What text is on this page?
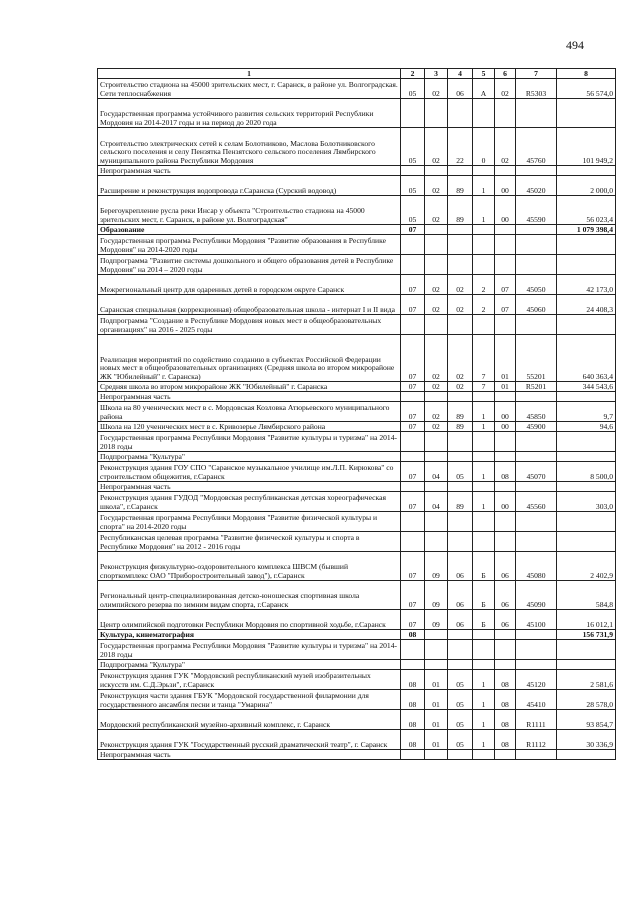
494
1	2	3	4	5	6	7	8
Строительство стадиона на 45000 зрительских мест, г. Саранск, в районе ул. Волгоградская. Сети теплоснабжения	05	02	06	А	02	R5303	56 574,0
Государственная программа устойчивого развития сельских территорий Республики Мордовия на 2014-2017 годы и на период до 2020 года							
Строительство электрических сетей к селам Болотниково, Маслова Болотниковского сельского поселения и селу Пензятка Пензятского сельского поселения Лямбирского муниципального района Республики Мордовия	05	02	22	0	02	45760	101 949,2
Непрограммная часть							
Расширение и реконструкция водопровода г.Саранска (Сурский водовод)	05	02	89	1	00	45020	2 000,0
Берегоукрепление русла реки Инсар у объекта "Строительство стадиона на 45000 зрительских мест, г. Саранск, в районе ул. Волгоградская"	05	02	89	1	00	45590	56 023,4
Образование	07						1 079 398,4
Государственная программа Республики Мордовия "Развитие образования в Республике Мордовия" на 2014-2020 годы							
Подпрограмма "Развитие системы дошкольного и общего образования детей в Республике Мордовия" на 2014 – 2020 годы							
Межрегиональный центр для одаренных детей в городском округе Саранск	07	02	02	2	07	45050	42 173,0
Саранская специальная (коррекционная) общеобразовательная школа - интернат I и II вида	07	02	02	2	07	45060	24 408,3
Подпрограмма "Создание в Республике Мордовия новых мест в общеобразовательных организациях" на 2016 - 2025 годы							
Реализация мероприятий по содействию созданию в субъектах Российской Федерации новых мест в общеобразовательных организациях (Средняя школа во втором микрорайоне ЖК "Юбилейный" г. Саранска)	07	02	02	7	01	55201	640 363,4
Средняя школа во втором микрорайоне ЖК "Юбилейный" г. Саранска	07	02	02	7	01	R5201	344 543,6
Непрограммная часть							
Школа на 80 ученических мест в с. Мордовская Козловка Атюрьевского муниципального района	07	02	89	1	00	45850	9,7
Школа на 120 ученических мест в с. Кривозерье Лямбирского района	07	02	89	1	00	45900	94,6
Государственная программа Республики Мордовия "Развитие культуры и туризма" на 2014-2018 годы							
Подпрограмма "Культура"							
Реконструкция здания ГОУ СПО "Саранское музыкальное училище им.Л.П. Кирюкова" со строительством общежития, г.Саранск	07	04	05	1	08	45070	8 500,0
Непрограммная часть							
Реконструкция здания ГУДОД "Мордовская республиканская детская хореографическая школа", г.Саранск	07	04	89	1	00	45560	303,0
Государственная программа Республики Мордовия "Развитие физической культуры и спорта" на 2014-2020 годы							
Республиканская целевая программа "Развитие физической культуры и спорта в Республике Мордовия" на 2012 - 2016 годы							
Реконструкция физкультурно-оздоровительного комплекса ШВСМ (бывший спорткомплекс ОАО "Приборостроительный завод"), г.Саранск	07	09	06	Б	06	45080	2 402,9
Региональный центр-специализированная детско-юношеская спортивная школа олимпийского резерва по зимним видам спорта, г.Саранск	07	09	06	Б	06	45090	584,8
Центр олимпийской подготовки Республики Мордовия по спортивной ходьбе, г.Саранск	07	09	06	Б	06	45100	16 012,1
Культура, кинематография	08						156 731,9
Государственная программа Республики Мордовия "Развитие культуры и туризма" на 2014-2018 годы							
Подпрограмма "Культура"							
Реконструкция здания ГУК "Мордовский республиканский музей изобразительных искусств им. С.Д.Эрьзи", г.Саранск	08	01	05	1	08	45120	2 581,6
Реконструкция части здания ГБУК "Мордовской государственной филармонии для государственного ансамбля песни и танца "Умарина"	08	01	05	1	08	45410	28 578,0
Мордовский республиканский музейно-архивный комплекс, г. Саранск	08	01	05	1	08	R1111	93 854,7
Реконструкция здания ГУК "Государственный русский драматический театр", г. Саранск	08	01	05	1	08	R1112	30 336,9
Непрограммная часть							
